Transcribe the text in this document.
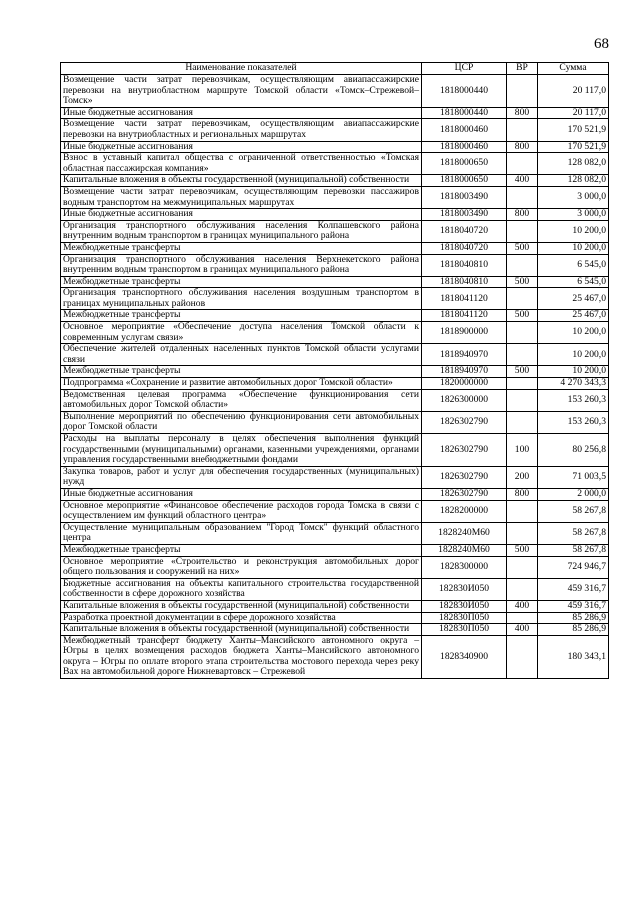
68
Наименование показателей	ЦСР	ВР	Сумма
Возмещение части затрат перевозчикам, осуществляющим авиапассажирские перевозки на внутриобластном маршруте Томской области «Томск–Стрежевой–Томск»	1818000440		20 117,0
Иные бюджетные ассигнования	1818000440	800	20 117,0
Возмещение части затрат перевозчикам, осуществляющим авиапассажирские перевозки на внутриобластных и региональных маршрутах	1818000460		170 521,9
Иные бюджетные ассигнования	1818000460	800	170 521,9
Взнос в уставный капитал общества с ограниченной ответственностью «Томская областная пассажирская компания»	1818000650		128 082,0
Капитальные вложения в объекты государственной (муниципальной) собственности	1818000650	400	128 082,0
Возмещение части затрат перевозчикам, осуществляющим перевозки пассажиров водным транспортом на межмуниципальных маршрутах	1818003490		3 000,0
Иные бюджетные ассигнования	1818003490	800	3 000,0
Организация транспортного обслуживания населения Колпашевского района внутренним водным транспортом в границах муниципального района	1818040720		10 200,0
Межбюджетные трансферты	1818040720	500	10 200,0
Организация транспортного обслуживания населения Верхнекетского района внутренним водным транспортом в границах муниципального района	1818040810		6 545,0
Межбюджетные трансферты	1818040810	500	6 545,0
Организация транспортного обслуживания населения воздушным транспортом в границах муниципальных районов	1818041120		25 467,0
Межбюджетные трансферты	1818041120	500	25 467,0
Основное мероприятие «Обеспечение доступа населения Томской области к современным услугам связи»	1818900000		10 200,0
Обеспечение жителей отдаленных населенных пунктов Томской области услугами связи	1818940970		10 200,0
Межбюджетные трансферты	1818940970	500	10 200,0
Подпрограмма «Сохранение и развитие автомобильных дорог Томской области»	1820000000		4 270 343,3
Ведомственная целевая программа «Обеспечение функционирования сети автомобильных дорог Томской области»	1826300000		153 260,3
Выполнение мероприятий по обеспечению функционирования сети автомобильных дорог Томской области	1826302790		153 260,3
Расходы на выплаты персоналу в целях обеспечения выполнения функций государственными (муниципальными) органами, казенными учреждениями, органами управления государственными внебюджетными фондами	1826302790	100	80 256,8
Закупка товаров, работ и услуг для обеспечения государственных (муниципальных) нужд	1826302790	200	71 003,5
Иные бюджетные ассигнования	1826302790	800	2 000,0
Основное мероприятие «Финансовое обеспечение расходов города Томска в связи с осуществлением им функций областного центра»	1828200000		58 267,8
Осуществление муниципальным образованием "Город Томск" функций областного центра	1828240М60		58 267,8
Межбюджетные трансферты	1828240М60	500	58 267,8
Основное мероприятие «Строительство и реконструкция автомобильных дорог общего пользования и сооружений на них»	1828300000		724 946,7
Бюджетные ассигнования на объекты капитального строительства государственной собственности в сфере дорожного хозяйства	182830И050		459 316,7
Капитальные вложения в объекты государственной (муниципальной) собственности	182830И050	400	459 316,7
Разработка проектной документации в сфере дорожного хозяйства	182830П050		85 286,9
Капитальные вложения в объекты государственной (муниципальной) собственности	182830П050	400	85 286,9
Межбюджетный трансферт бюджету Ханты–Мансийского автономного округа – Югры в целях возмещения расходов бюджета Ханты–Мансийского автономного округа – Югры по оплате второго этапа строительства мостового перехода через реку Вах на автомобильной дороге Нижневартовск – Стрежевой	1828340900		180 343,1
